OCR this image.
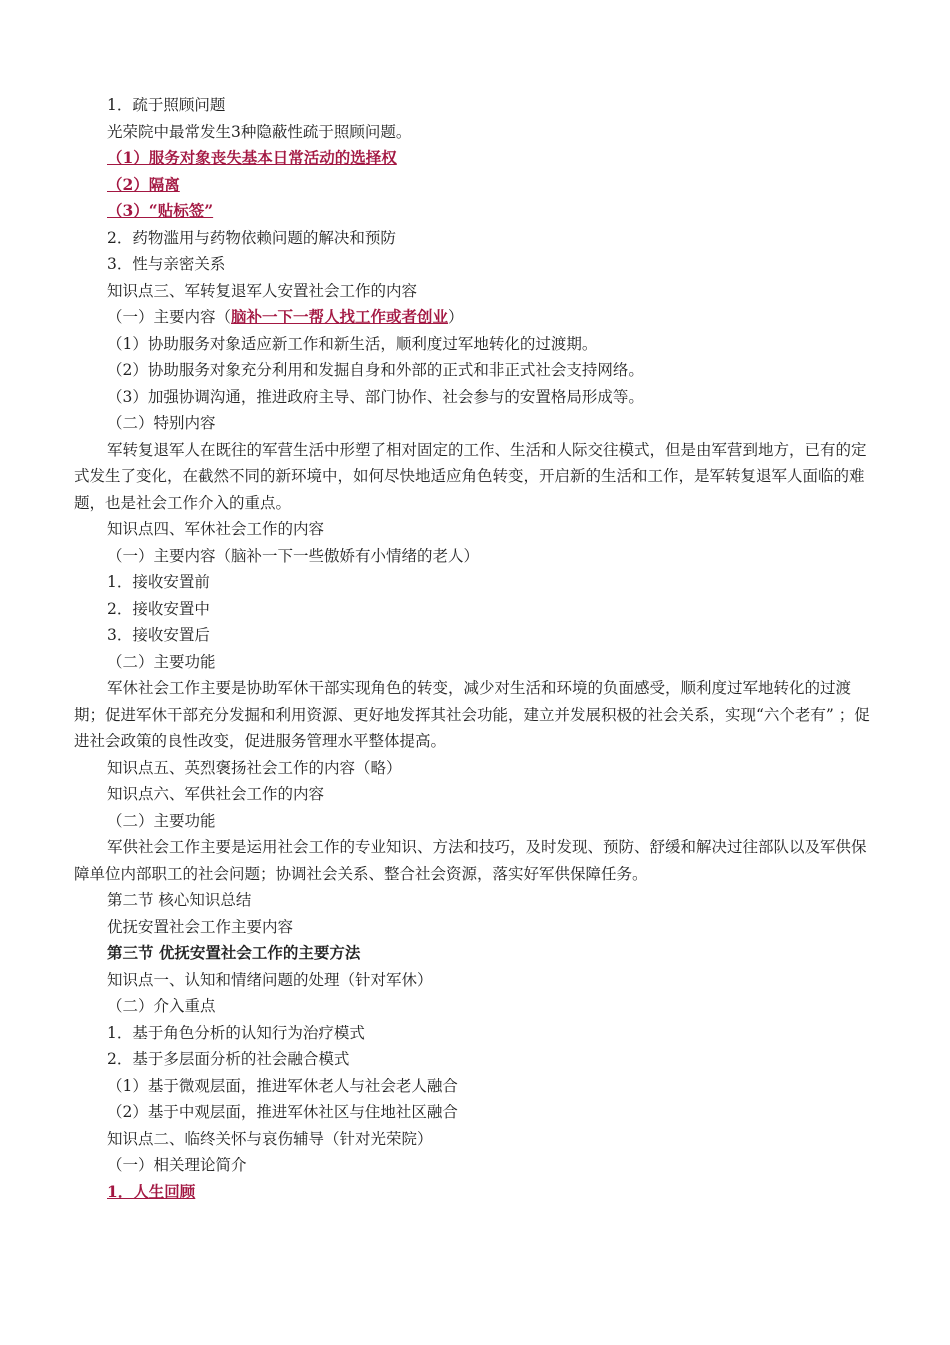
1．疏于照顾问题
光荣院中最常发生3种隐蔽性疏于照顾问题。
（1）服务对象丧失基本日常活动的选择权
（2）隔离
（3）“贴标签”
2．药物滥用与药物依赖问题的解决和预防
3．性与亲密关系
知识点三、军转复退军人安置社会工作的内容
（一）主要内容（脑补一下一帮人找工作或者创业）
（1）协助服务对象适应新工作和新生活，顺利度过军地转化的过渡期。
（2）协助服务对象充分利用和发掘自身和外部的正式和非正式社会支持网络。
（3）加强协调沟通，推进政府主导、部门协作、社会参与的安置格局形成等。
（二）特别内容
军转复退军人在既往的军营生活中形塑了相对固定的工作、生活和人际交往模式，但是由军营到地方，已有的定式发生了变化，在截然不同的新环境中，如何尽快地适应角色转变，开启新的生活和工作，是军转复退军人面临的难题，也是社会工作介入的重点。
知识点四、军休社会工作的内容
（一）主要内容（脑补一下一些傲娇有小情绪的老人）
1．接收安置前
2．接收安置中
3．接收安置后
（二）主要功能
军休社会工作主要是协助军休干部实现角色的转变，减少对生活和环境的负面感受，顺利度过军地转化的过渡期；促进军休干部充分发掘和利用资源、更好地发挥其社会功能，建立并发展积极的社会关系，实现“六个老有” ；促进社会政策的良性改变，促进服务管理水平整体提高。
知识点五、英烈褒扬社会工作的内容（略）
知识点六、军供社会工作的内容
（二）主要功能
军供社会工作主要是运用社会工作的专业知识、方法和技巧，及时发现、预防、舒缓和解决过往部队以及军供保障单位内部职工的社会问题；协调社会关系、整合社会资源，落实好军供保障任务。
第二节 核心知识总结
优抚安置社会工作主要内容
第三节 优抚安置社会工作的主要方法
知识点一、认知和情绪问题的处理（针对军休）
（二）介入重点
1．基于角色分析的认知行为治疗模式
2．基于多层面分析的社会融合模式
（1）基于微观层面，推进军休老人与社会老人融合
（2）基于中观层面，推进军休社区与住地社区融合
知识点二、临终关怀与哀伤辅导（针对光荣院）
（一）相关理论简介
1．人生回顾
